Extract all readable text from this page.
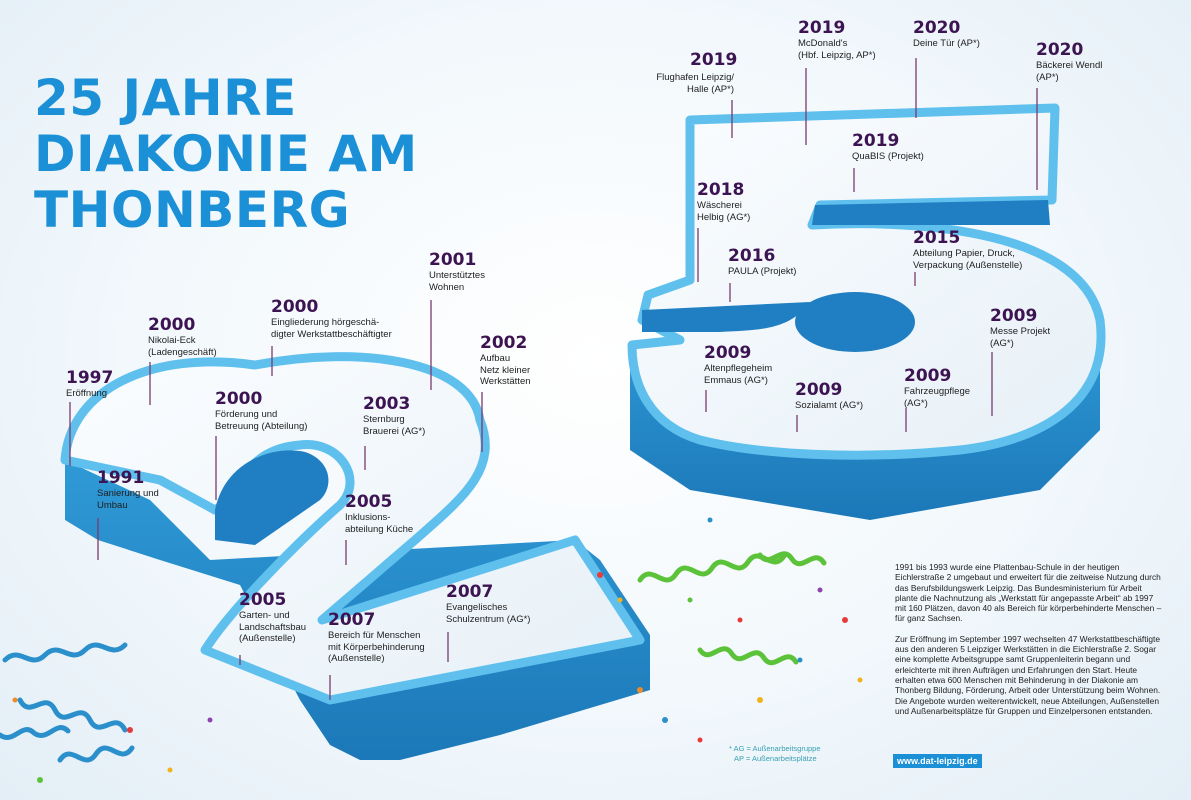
25 JAHRE
DIAKONIE AM
THONBERG
1997
Eröffnung
1991
Sanierung und
Umbau
2000
Nikolai-Eck
(Ladengeschäft)
2000
Eingliederung hörgeschä-
digter Werkstattbeschäftigter
2000
Förderung und
Betreuung (Abteilung)
2001
Unterstütztes
Wohnen
2002
Aufbau
Netz kleiner
Werkstätten
2003
Sternburg
Brauerei (AG*)
2005
Inklusions-
abteilung Küche
2005
Garten- und
Landschaftsbau
(Außenstelle)
2007
Bereich für Menschen
mit Körperbehinderung
(Außenstelle)
2007
Evangelisches
Schulzentrum (AG*)
2019
Flughafen Leipzig/
Halle (AP*)
2019
McDonald's
(Hbf. Leipzig, AP*)
2020
Deine Tür (AP*)	2020
Bäckerei Wendl
(AP*)
2019
QuaBIS (Projekt)
2018
Wäscherei
Helbig (AG*)
2016
PAULA (Projekt)
2015
Abteilung Papier, Druck,
Verpackung (Außenstelle)
2009
Messe Projekt
(AG*)
2009
Altenpflegeheim
Emmaus (AG*) 2009
Sozialamt (AG*)
2009
Fahrzeugpflege
(AG*)

1991 bis 1993 wurde eine Plattenbau-Schule in der heutigen Eichlerstraße 2 umgebaut und erweitert für die zeitweise Nutzung durch das Berufsbildungswerk Leipzig. Das Bundesministerium für Arbeit plante die Nachnutzung als „Werkstatt für angepasste Arbeit“ ab 1997 mit 160 Plätzen, davon 40 als Bereich für körperbehinderte Menschen – für ganz Sachsen.

Zur Eröffnung im September 1997 wechselten 47 Werkstattbeschäftigte aus den anderen 5 Leipziger Werkstätten in die Eichlerstraße 2. Sogar eine komplette Arbeitsgruppe samt Gruppenleiterin begann und erleichterte mit ihren Aufträgen und Erfahrungen den Start. Heute erhalten etwa 600 Menschen mit Behinderung in der Diakonie am Thonberg Bildung, Förderung, Arbeit oder Unterstützung beim Wohnen. Die Angebote wurden weiterentwickelt, neue Abteilungen, Außenstellen und Außenarbeitsplätze für Gruppen und Einzelpersonen entstanden.

* AG = Außenarbeitsgruppe
AP = Außenarbeitsplätze	www.dat-leipzig.de
